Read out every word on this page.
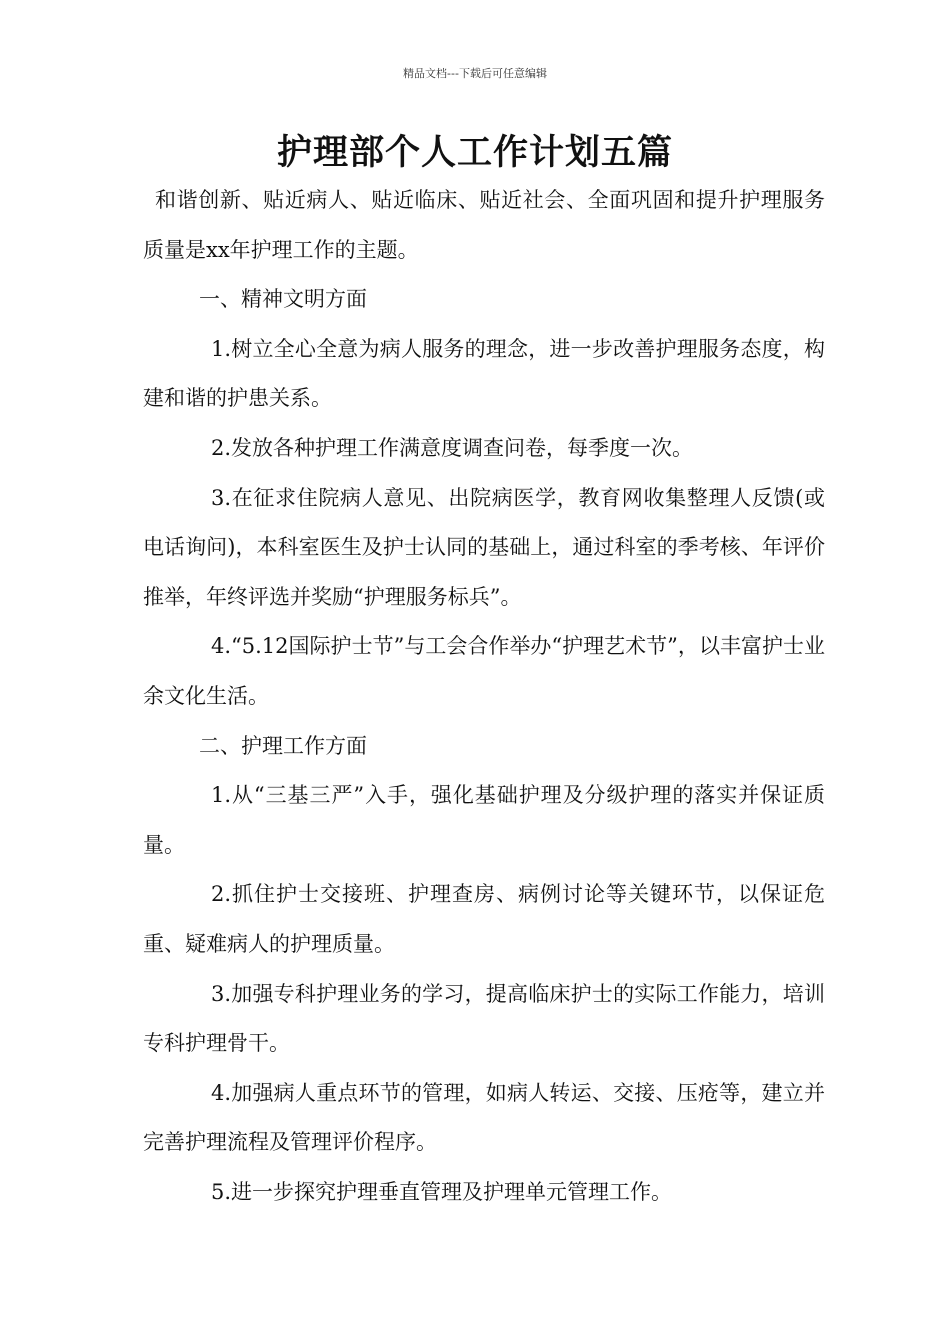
精品文档---下载后可任意编辑
护理部个人工作计划五篇

和谐创新、贴近病人、贴近临床、贴近社会、全面巩固和提升护理服务质量是xx年护理工作的主题。

一、精神文明方面

1.树立全心全意为病人服务的理念，进一步改善护理服务态度，构建和谐的护患关系。

2.发放各种护理工作满意度调查问卷，每季度一次。

3.在征求住院病人意见、出院病医学，教育网收集整理人反馈(或电话询问)，本科室医生及护士认同的基础上，通过科室的季考核、年评价推举，年终评选并奖励“护理服务标兵”。

4.“5.12国际护士节”与工会合作举办“护理艺术节”，以丰富护士业余文化生活。

二、护理工作方面

1.从“三基三严”入手，强化基础护理及分级护理的落实并保证质量。

2.抓住护士交接班、护理查房、病例讨论等关键环节，以保证危重、疑难病人的护理质量。

3.加强专科护理业务的学习，提高临床护士的实际工作能力，培训专科护理骨干。

4.加强病人重点环节的管理，如病人转运、交接、压疮等，建立并完善护理流程及管理评价程序。

5.进一步探究护理垂直管理及护理单元管理工作。
